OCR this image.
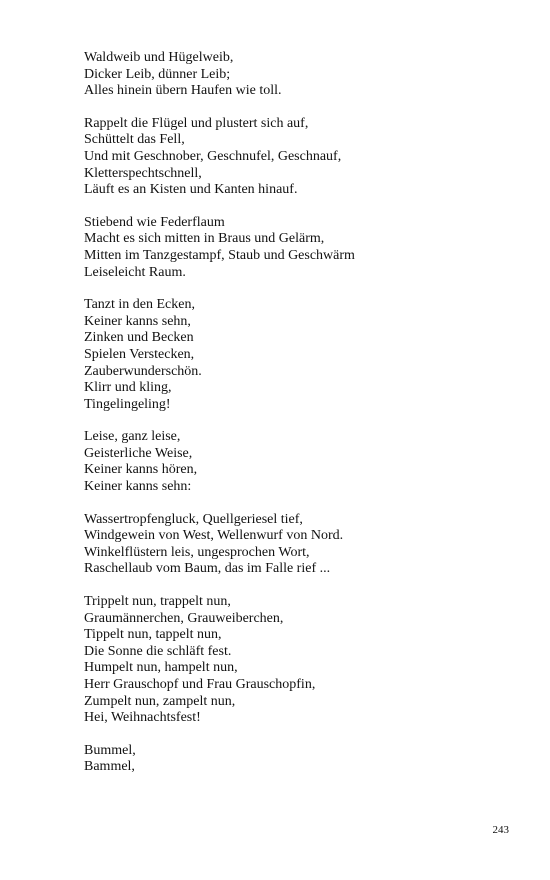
Waldweib und Hügelweib,
Dicker Leib, dünner Leib;
Alles hinein übern Haufen wie toll.
Rappelt die Flügel und plustert sich auf,
Schüttelt das Fell,
Und mit Geschnober, Geschnufel, Geschnauf,
Kletterspechtschnell,
Läuft es an Kisten und Kanten hinauf.
Stiebend wie Federflaum
Macht es sich mitten in Braus und Gelärm,
Mitten im Tanzgestampf, Staub und Geschwärm
Leiseleicht Raum.
Tanzt in den Ecken,
Keiner kanns sehn,
Zinken und Becken
Spielen Verstecken,
Zauberwunderschön.
Klirr und kling,
Tingelingeling!
Leise, ganz leise,
Geisterliche Weise,
Keiner kanns hören,
Keiner kanns sehn:
Wassertropfengluck, Quellgeriesel tief,
Windgewein von West, Wellenwurf von Nord.
Winkelflüstern leis, ungesprochen Wort,
Raschellaub vom Baum, das im Falle rief ...
Trippelt nun, trappelt nun,
Graumännerchen, Grauweiberchen,
Tippelt nun, tappelt nun,
Die Sonne die schläft fest.
Humpelt nun, hampelt nun,
Herr Grauschopf und Frau Grauschopfin,
Zumpelt nun, zampelt nun,
Hei, Weihnachtsfest!
Bummel,
Bammel,
243
